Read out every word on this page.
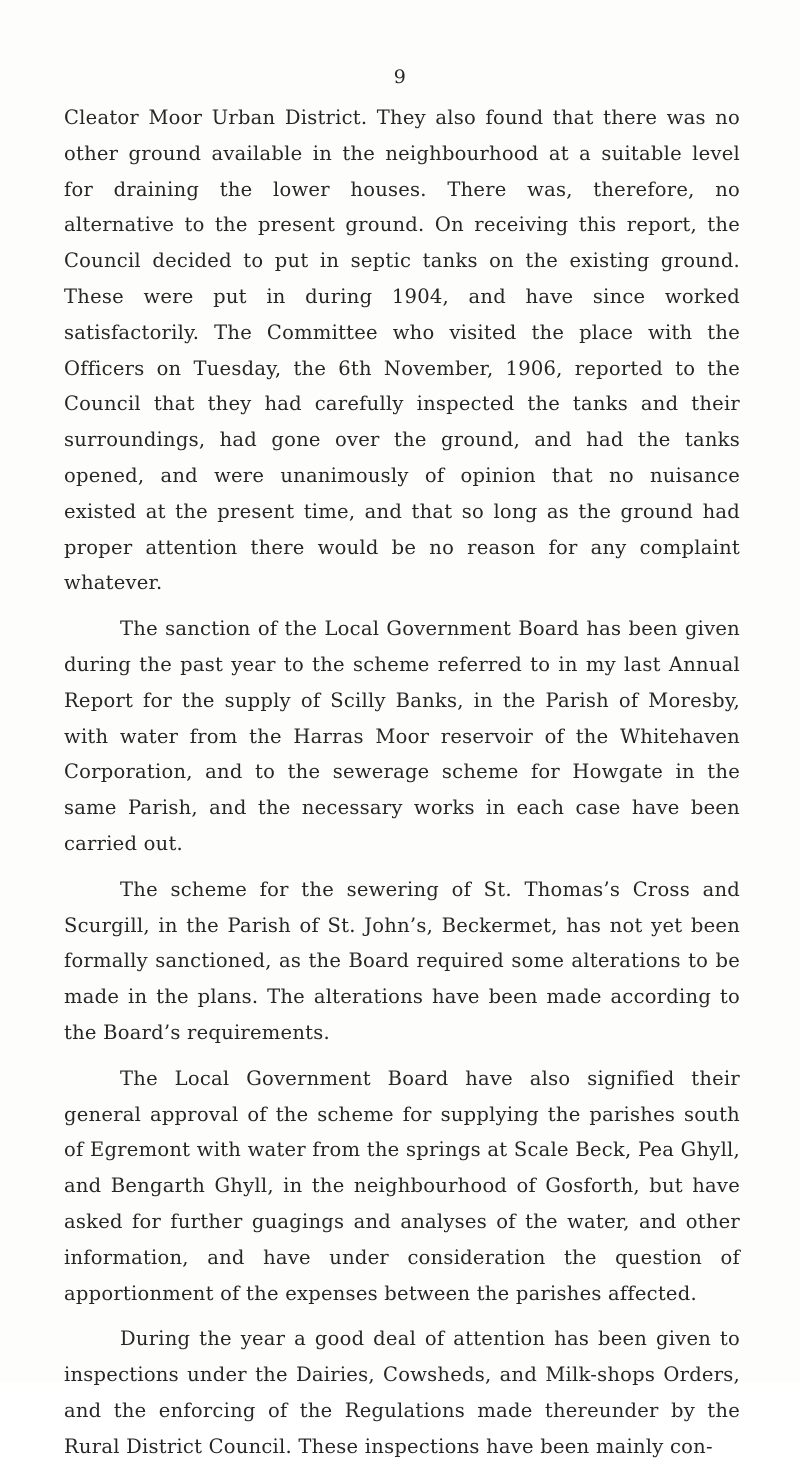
9

Cleator Moor Urban District. They also found that there was no other ground available in the neighbourhood at a suitable level for draining the lower houses. There was, therefore, no alternative to the present ground. On receiving this report, the Council decided to put in septic tanks on the existing ground. These were put in during 1904, and have since worked satisfactorily. The Committee who visited the place with the Officers on Tuesday, the 6th November, 1906, reported to the Council that they had carefully inspected the tanks and their surroundings, had gone over the ground, and had the tanks opened, and were unanimously of opinion that no nuisance existed at the present time, and that so long as the ground had proper attention there would be no reason for any complaint whatever.

The sanction of the Local Government Board has been given during the past year to the scheme referred to in my last Annual Report for the supply of Scilly Banks, in the Parish of Moresby, with water from the Harras Moor reservoir of the Whitehaven Corporation, and to the sewerage scheme for Howgate in the same Parish, and the necessary works in each case have been carried out.

The scheme for the sewering of St. Thomas’s Cross and Scurgill, in the Parish of St. John’s, Beckermet, has not yet been formally sanctioned, as the Board required some alterations to be made in the plans. The alterations have been made according to the Board’s requirements.

The Local Government Board have also signified their general approval of the scheme for supplying the parishes south of Egremont with water from the springs at Scale Beck, Pea Ghyll, and Bengarth Ghyll, in the neighbourhood of Gosforth, but have asked for further guagings and analyses of the water, and other information, and have under consideration the question of apportionment of the expenses between the parishes affected.

During the year a good deal of attention has been given to inspections under the Dairies, Cowsheds, and Milk-shops Orders, and the enforcing of the Regulations made thereunder by the Rural District Council. These inspections have been mainly con-
